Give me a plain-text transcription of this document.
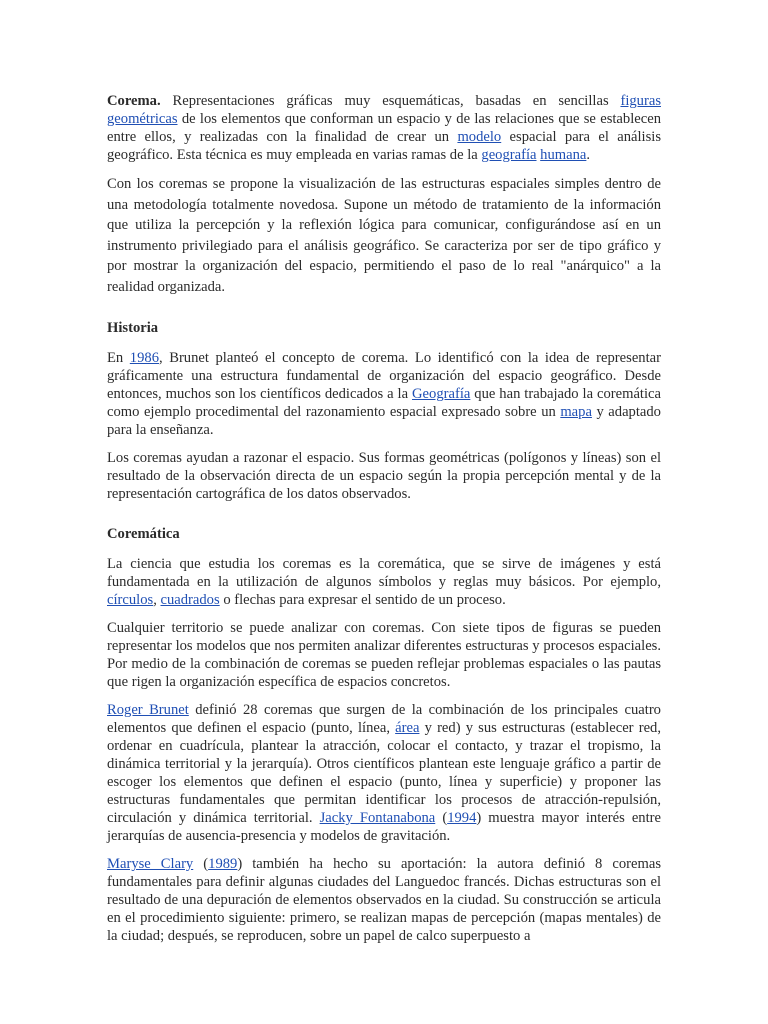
Corema. Representaciones gráficas muy esquemáticas, basadas en sencillas figuras geométricas de los elementos que conforman un espacio y de las relaciones que se establecen entre ellos, y realizadas con la finalidad de crear un modelo espacial para el análisis geográfico. Esta técnica es muy empleada en varias ramas de la geografía humana.

Con los coremas se propone la visualización de las estructuras espaciales simples dentro de una metodología totalmente novedosa. Supone un método de tratamiento de la información que utiliza la percepción y la reflexión lógica para comunicar, configurándose así en un instrumento privilegiado para el análisis geográfico. Se caracteriza por ser de tipo gráfico y por mostrar la organización del espacio, permitiendo el paso de lo real "anárquico" a la realidad organizada.

Historia

En 1986, Brunet planteó el concepto de corema. Lo identificó con la idea de representar gráficamente una estructura fundamental de organización del espacio geográfico. Desde entonces, muchos son los científicos dedicados a la Geografía que han trabajado la coremática como ejemplo procedimental del razonamiento espacial expresado sobre un mapa y adaptado para la enseñanza.

Los coremas ayudan a razonar el espacio. Sus formas geométricas (polígonos y líneas) son el resultado de la observación directa de un espacio según la propia percepción mental y de la representación cartográfica de los datos observados.

Coremática

La ciencia que estudia los coremas es la coremática, que se sirve de imágenes y está fundamentada en la utilización de algunos símbolos y reglas muy básicos. Por ejemplo, círculos, cuadrados o flechas para expresar el sentido de un proceso.

Cualquier territorio se puede analizar con coremas. Con siete tipos de figuras se pueden representar los modelos que nos permiten analizar diferentes estructuras y procesos espaciales. Por medio de la combinación de coremas se pueden reflejar problemas espaciales o las pautas que rigen la organización específica de espacios concretos.

Roger Brunet definió 28 coremas que surgen de la combinación de los principales cuatro elementos que definen el espacio (punto, línea, área y red) y sus estructuras (establecer red, ordenar en cuadrícula, plantear la atracción, colocar el contacto, y trazar el tropismo, la dinámica territorial y la jerarquía). Otros científicos plantean este lenguaje gráfico a partir de escoger los elementos que definen el espacio (punto, línea y superficie) y proponer las estructuras fundamentales que permitan identificar los procesos de atracción-repulsión, circulación y dinámica territorial. Jacky Fontanabona (1994) muestra mayor interés entre jerarquías de ausencia-presencia y modelos de gravitación.

Maryse Clary (1989) también ha hecho su aportación: la autora definió 8 coremas fundamentales para definir algunas ciudades del Languedoc francés. Dichas estructuras son el resultado de una depuración de elementos observados en la ciudad. Su construcción se articula en el procedimiento siguiente: primero, se realizan mapas de percepción (mapas mentales) de la ciudad; después, se reproducen, sobre un papel de calco superpuesto a
